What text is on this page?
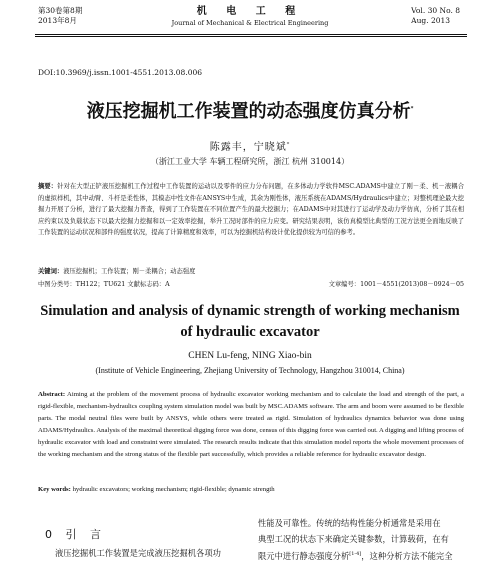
第30卷第8期
2013年8月
机 电 工 程
Journal of Mechanical & Electrical Engineering
Vol. 30 No. 8
Aug. 2013
DOI:10.3969/j.issn.1001-4551.2013.08.006
液压挖掘机工作装置的动态强度仿真分析*
陈露丰，宁晓斌*
（浙江工业大学 车辆工程研究所，浙江 杭州 310014）
摘要：针对在大型正铲液压挖掘机工作过程中工作装置的运动以及零件的应力分布问题，在多体动力学软件MSC.ADAMS中建立了刚－柔、机－液耦合的虚拟样机，其中动臂、斗杆是柔性体，其模态中性文件在ANSYS中生成，其余为刚性体，液压系统在ADAMS/Hydraulics中建立；对整机理论最大挖掘力开展了分析，进行了最大挖掘力普查，得到了工作装置在不同位置产生的最大挖掘力；在ADAMS中对其进行了运动学及动力学仿真，分析了其在相应约束以及负载状态下以最大挖掘力挖掘和以一定效率挖掘，举升工况时部件的应力应变。研究结果表明，该仿真模型比典型的工况方法更全面地反映了工作装置的运动状况和部件的强度状况，提高了计算精度和效率，可以为挖掘机结构设计优化提供较为可信的参考。
关键词：液压挖掘机；工作装置；刚－柔耦合；动态强度
中图分类号：TH122；TU621 文献标志码：A	文章编号：1001－4551(2013)08－0924－05
Simulation and analysis of dynamic strength of working mechanism
of hydraulic excavator
CHEN Lu-feng, NING Xiao-bin
(Institute of Vehicle Engineering, Zhejiang University of Technology, Hangzhou 310014, China)
Abstract: Aiming at the problem of the movement process of hydraulic excavator working mechanism and to calculate the load and strength of the part, a rigid-flexible, mechanism-hydraulics coupling system simulation model was built by MSC.ADAMS software. The arm and boom were assumed to be flexible parts. The modal neutral files were built by ANSYS, while others were treated as rigid. Simulation of hydraulics dynamics behavior was done using ADAMS/Hydraulics. Analysis of the maximal theoretical digging force was done, census of this digging force was carried out. A digging and lifting process of hydraulic excavator with load and constraint were simulated. The research results indicate that this simulation model reports the whole movement processes of the working mechanism and the strong status of the flexible part successfully, which provides a reliable reference for hydraulic excavator design.
Key words: hydraulic excavators; working mechanism; rigid-flexible; dynamic strength
0 引 言
液压挖掘机工作装置是完成液压挖掘机各项功
性能及可靠性。传统的结构性能分析通常是采用在
典型工况的状态下来确定关键参数，计算载荷，在有
限元中进行静态强度分析[1-4]，这种分析方法不能完全
